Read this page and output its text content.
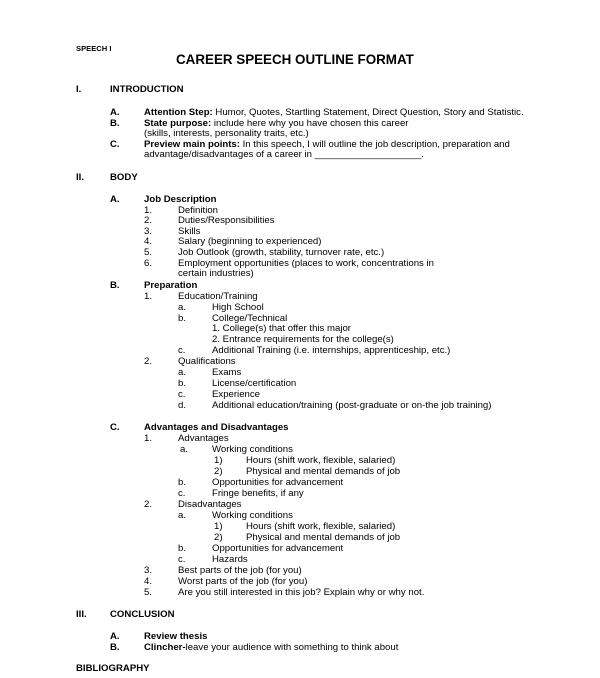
SPEECH I
CAREER SPEECH OUTLINE FORMAT
I.	INTRODUCTION
A.	Attention Step: Humor, Quotes, Startling Statement, Direct Question, Story and Statistic.
B.	State purpose: include here why you have chosen this career
(skills, interests, personality traits, etc.)
C.	Preview main points: In this speech, I will outline the job description, preparation and
advantage/disadvantages of a career in ____________________.
II.	BODY
A.	Job Description
1.	Definition
2.	Duties/Responsibilities
3.	Skills
4.	Salary (beginning to experienced)
5.	Job Outlook (growth, stability, turnover rate, etc.)
6.	Employment opportunities (places to work, concentrations in
certain industries)
B.	Preparation
1.	Education/Training
a.	High School
b.	College/Technical
1. College(s) that offer this major
2. Entrance requirements for the college(s)
c.	Additional Training (i.e. internships, apprenticeship, etc.)
2.	Qualifications
a.	Exams
b.	License/certification
c.	Experience
d.	Additional education/training (post-graduate or on-the job training)
C.	Advantages and Disadvantages
1.	Advantages
a. Working conditions
1) Hours (shift work, flexible, salaried)
2) Physical and mental demands of job
b.	Opportunities for advancement
c.	Fringe benefits, if any
2.	Disadvantages
a.	Working conditions
1) Hours (shift work, flexible, salaried)
2) Physical and mental demands of job
b.	Opportunities for advancement
c.	Hazards
3.	Best parts of the job (for you)
4.	Worst parts of the job (for you)
5.	Are you still interested in this job? Explain why or why not.
III. CONCLUSION
A.	Review thesis
B.	Clincher-leave your audience with something to think about
BIBLIOGRAPHY
